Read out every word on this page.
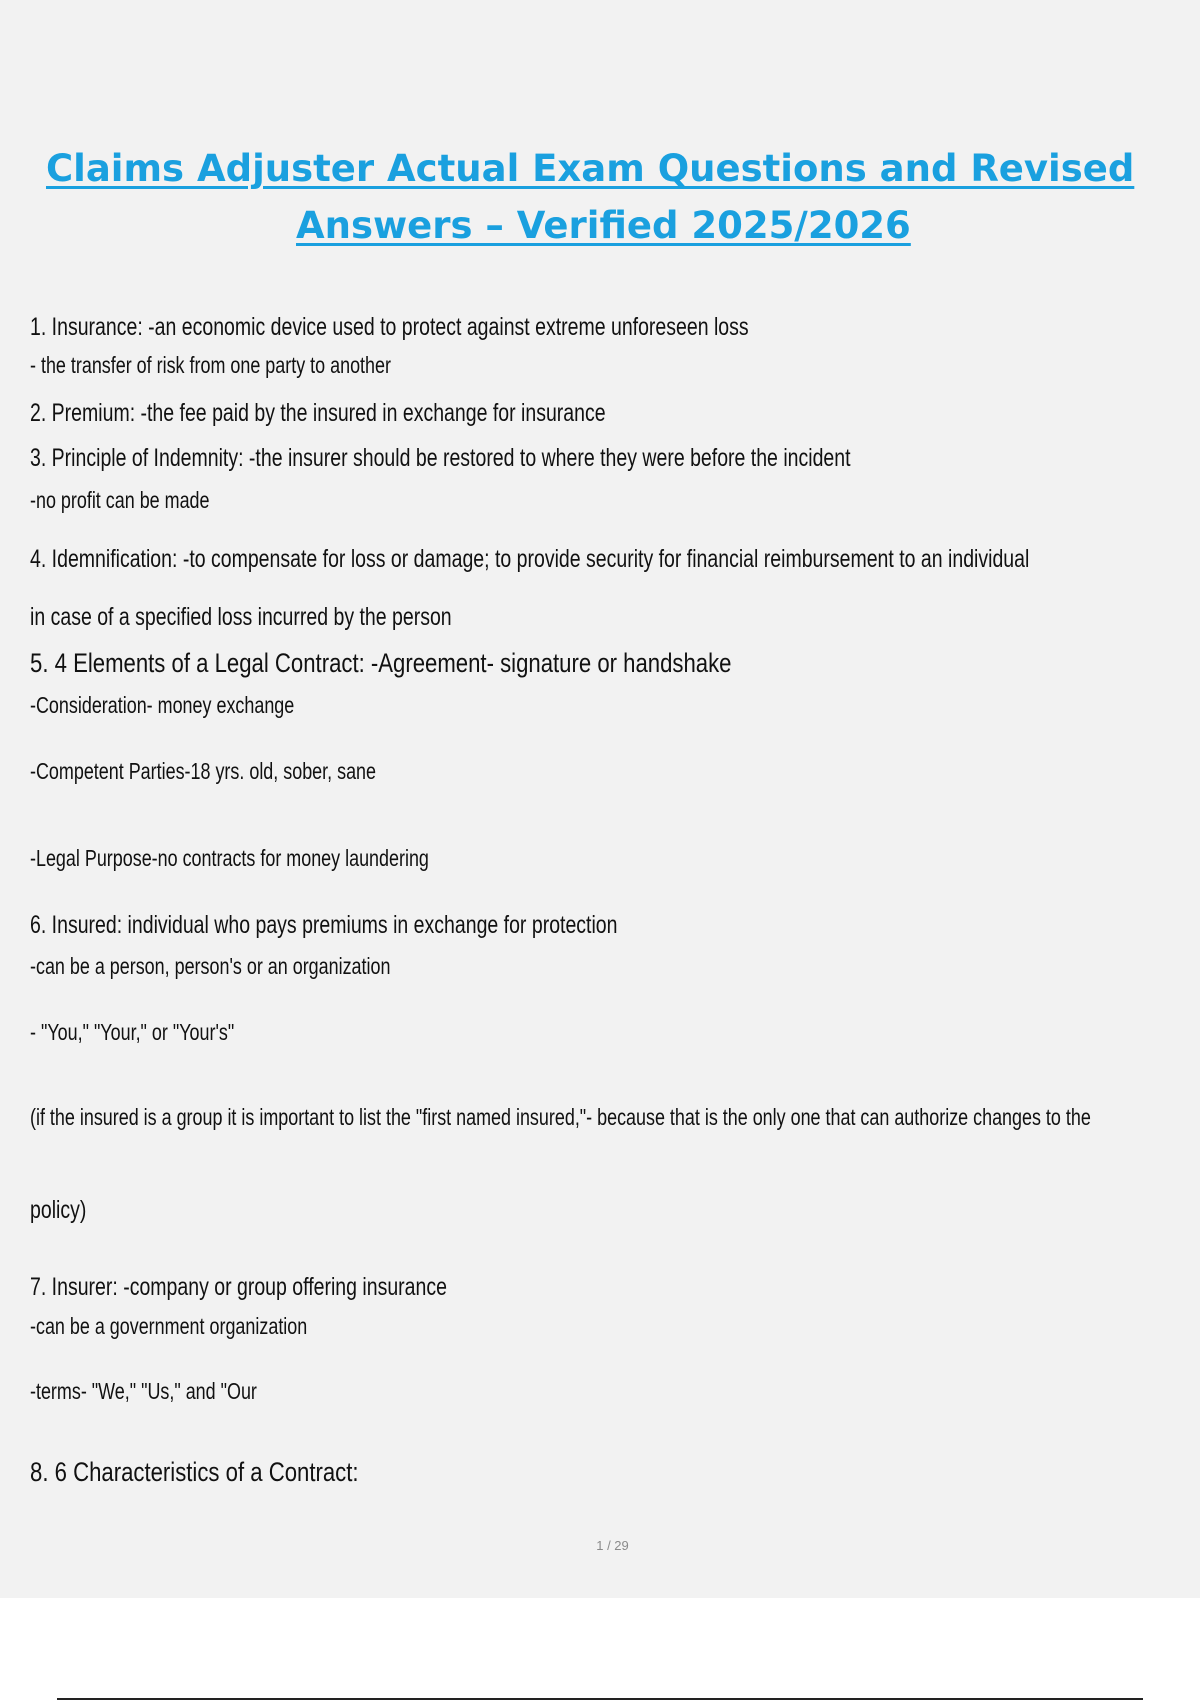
Claims Adjuster Actual Exam Questions and Revised
Answers – Verified 2025/2026
1. Insurance: -an economic device used to protect against extreme unforeseen loss
- the transfer of risk from one party to another
2. Premium: -the fee paid by the insured in exchange for insurance
3. Principle of Indemnity: -the insurer should be restored to where they were before the incident
-no profit can be made
4. Idemnification: -to compensate for loss or damage; to provide security for financial reimbursement to an individual
in case of a specified loss incurred by the person
5. 4 Elements of a Legal Contract: -Agreement- signature or handshake
-Consideration- money exchange
-Competent Parties-18 yrs. old, sober, sane
-Legal Purpose-no contracts for money laundering
6. Insured: individual who pays premiums in exchange for protection
-can be a person, person's or an organization
- "You," "Your," or "Your's"
(if the insured is a group it is important to list the "first named insured,"- because that is the only one that can authorize changes to the
policy)
7. Insurer: -company or group offering insurance
-can be a government organization
-terms- "We," "Us," and "Our
8. 6 Characteristics of a Contract:
1 / 29
